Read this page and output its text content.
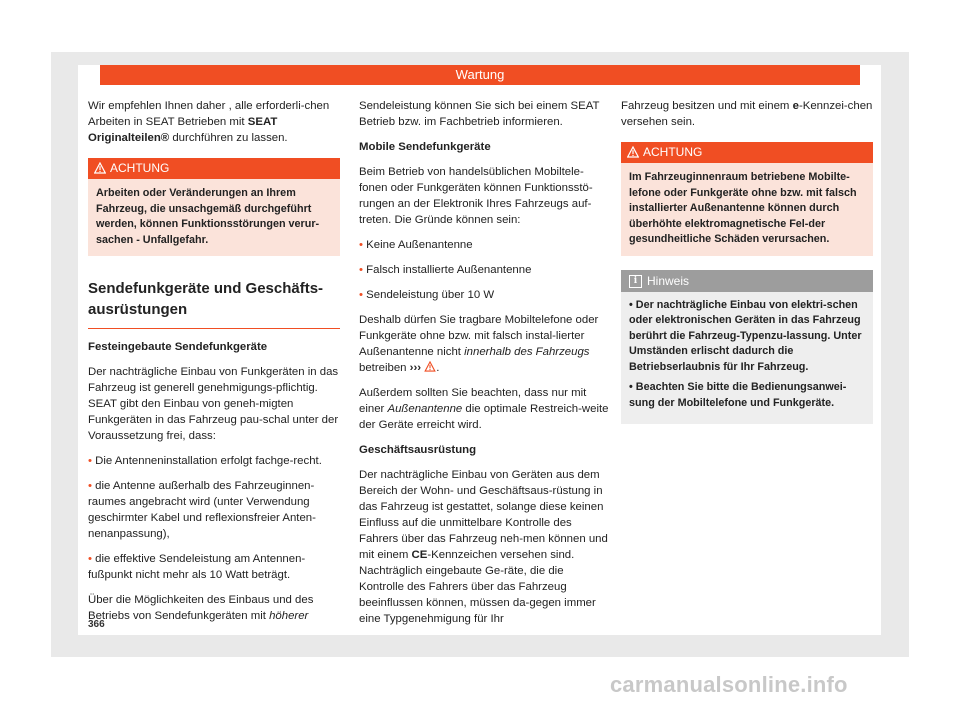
Wartung

Wir empfehlen Ihnen daher , alle erforderli-chen Arbeiten in SEAT Betrieben mit SEAT Originalteilen® durchführen zu lassen.

ACHTUNG
Arbeiten oder Veränderungen an Ihrem Fahrzeug, die unsachgemäß durchgeführt werden, können Funktionsstörungen verur-sachen - Unfallgefahr.
Sendefunkgeräte und Geschäfts-ausrüstungen

Festeingebaute Sendefunkgeräte

Der nachträgliche Einbau von Funkgeräten in das Fahrzeug ist generell genehmigungs-pflichtig. SEAT gibt den Einbau von geneh-migten Funkgeräten in das Fahrzeug pau-schal unter der Voraussetzung frei, dass:

• Die Antenneninstallation erfolgt fachge-recht.

• die Antenne außerhalb des Fahrzeuginnen-raumes angebracht wird (unter Verwendung geschirmter Kabel und reflexionsfreier Anten-nenanpassung),

• die effektive Sendeleistung am Antennen-fußpunkt nicht mehr als 10 Watt beträgt.

Über die Möglichkeiten des Einbaus und des Betriebs von Sendefunkgeräten mit höherer

Sendeleistung können Sie sich bei einem SEAT Betrieb bzw. im Fachbetrieb informieren.

Mobile Sendefunkgeräte

Beim Betrieb von handelsüblichen Mobiltele-fonen oder Funkgeräten können Funktionsstö-rungen an der Elektronik Ihres Fahrzeugs auf-treten. Die Gründe können sein:

• Keine Außenantenne

• Falsch installierte Außenantenne

• Sendeleistung über 10 W

Deshalb dürfen Sie tragbare Mobiltelefone oder Funkgeräte ohne bzw. mit falsch instal-lierter Außenantenne nicht innerhalb des Fahrzeugs betreiben ››› .

Außerdem sollten Sie beachten, dass nur mit einer Außenantenne die optimale Restreich-weite der Geräte erreicht wird.

Geschäftsausrüstung

Der nachträgliche Einbau von Geräten aus dem Bereich der Wohn- und Geschäftsaus-rüstung in das Fahrzeug ist gestattet, solange diese keinen Einfluss auf die unmittelbare Kontrolle des Fahrers über das Fahrzeug neh-men können und mit einem CE-Kennzeichen versehen sind. Nachträglich eingebaute Ge-räte, die die Kontrolle des Fahrers über das Fahrzeug beeinflussen können, müssen da-gegen immer eine Typgenehmigung für Ihr

Fahrzeug besitzen und mit einem e-Kennzei-chen versehen sein.

ACHTUNG
Im Fahrzeuginnenraum betriebene Mobilte-lefone oder Funkgeräte ohne bzw. mit falsch installierter Außenantenne können durch überhöhte elektromagnetische Fel-der gesundheitliche Schäden verursachen.
i Hinweis

• Der nachträgliche Einbau von elektri-schen oder elektronischen Geräten in das Fahrzeug berührt die Fahrzeug-Typenzu-lassung. Unter Umständen erlischt dadurch die Betriebserlaubnis für Ihr Fahrzeug.

• Beachten Sie bitte die Bedienungsanwei-sung der Mobiltelefone und Funkgeräte.

366
carmanualsonline.info
